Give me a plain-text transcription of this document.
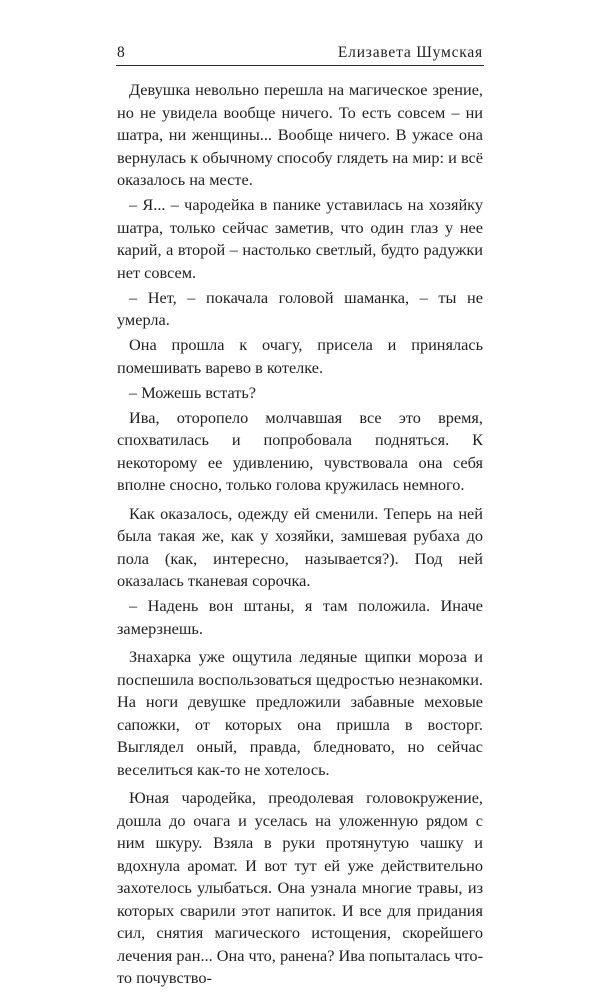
8	Елизавета Шумская

Девушка невольно перешла на магическое зрение, но не увидела вообще ничего. То есть совсем – ни шатра, ни женщины... Вообще ничего. В ужасе она вернулась к обычному способу глядеть на мир: и всё оказалось на месте.

– Я... – чародейка в панике уставилась на хозяйку шатра, только сейчас заметив, что один глаз у нее карий, а второй – настолько светлый, будто радужки нет совсем.

– Нет, – покачала головой шаманка, – ты не умерла.

Она прошла к очагу, присела и принялась помешивать варево в котелке.

– Можешь встать?

Ива, оторопело молчавшая все это время, спохватилась и попробовала подняться. К некоторому ее удивлению, чувствовала она себя вполне сносно, только голова кружилась немного.

Как оказалось, одежду ей сменили. Теперь на ней была такая же, как у хозяйки, замшевая рубаха до пола (как, интересно, называется?). Под ней оказалась тканевая сорочка.

– Надень вон штаны, я там положила. Иначе замерзнешь.

Знахарка уже ощутила ледяные щипки мороза и поспешила воспользоваться щедростью незнакомки. На ноги девушке предложили забавные меховые сапожки, от которых она пришла в восторг. Выглядел оный, правда, бледновато, но сейчас веселиться как-то не хотелось.

Юная чародейка, преодолевая головокружение, дошла до очага и уселась на уложенную рядом с ним шкуру. Взяла в руки протянутую чашку и вдохнула аромат. И вот тут ей уже действительно захотелось улыбаться. Она узнала многие травы, из которых сварили этот напиток. И все для придания сил, снятия магического истощения, скорейшего лечения ран... Она что, ранена? Ива попыталась что-то почувство-
